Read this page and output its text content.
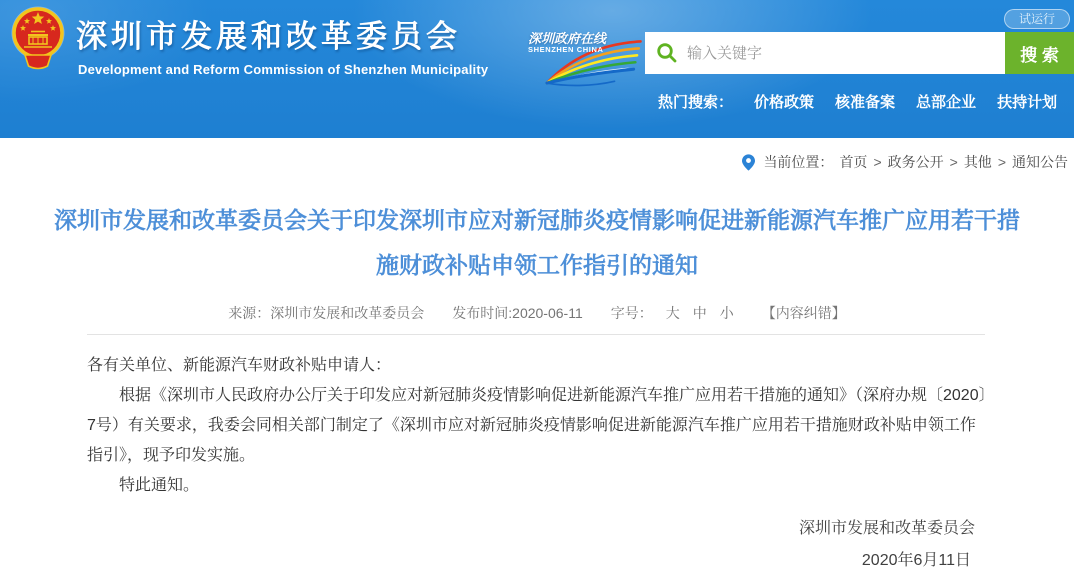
深圳市发展和改革委员会
Development and Reform Commission of Shenzhen Municipality
深圳政府在线
SHENZHEN CHINA
试运行
输入关键字
搜 索
热门搜索： 价格政策 核准备案 总部企业 扶持计划
当前位置： 首页 > 政务公开 > 其他 > 通知公告
深圳市发展和改革委员会关于印发深圳市应对新冠肺炎疫情影响促进新能源汽车推广应用若干措施财政补贴申领工作指引的通知
来源：深圳市发展和改革委员会 发布时间:2020-06-11 字号： 大 中 小 【内容纠错】

各有关单位、新能源汽车财政补贴申请人：

根据《深圳市人民政府办公厅关于印发应对新冠肺炎疫情影响促进新能源汽车推广应用若干措施的通知》（深府办规〔2020〕7号）有关要求，我委会同相关部门制定了《深圳市应对新冠肺炎疫情影响促进新能源汽车推广应用若干措施财政补贴申领工作指引》，现予印发实施。

特此通知。

深圳市发展和改革委员会

2020年6月11日
